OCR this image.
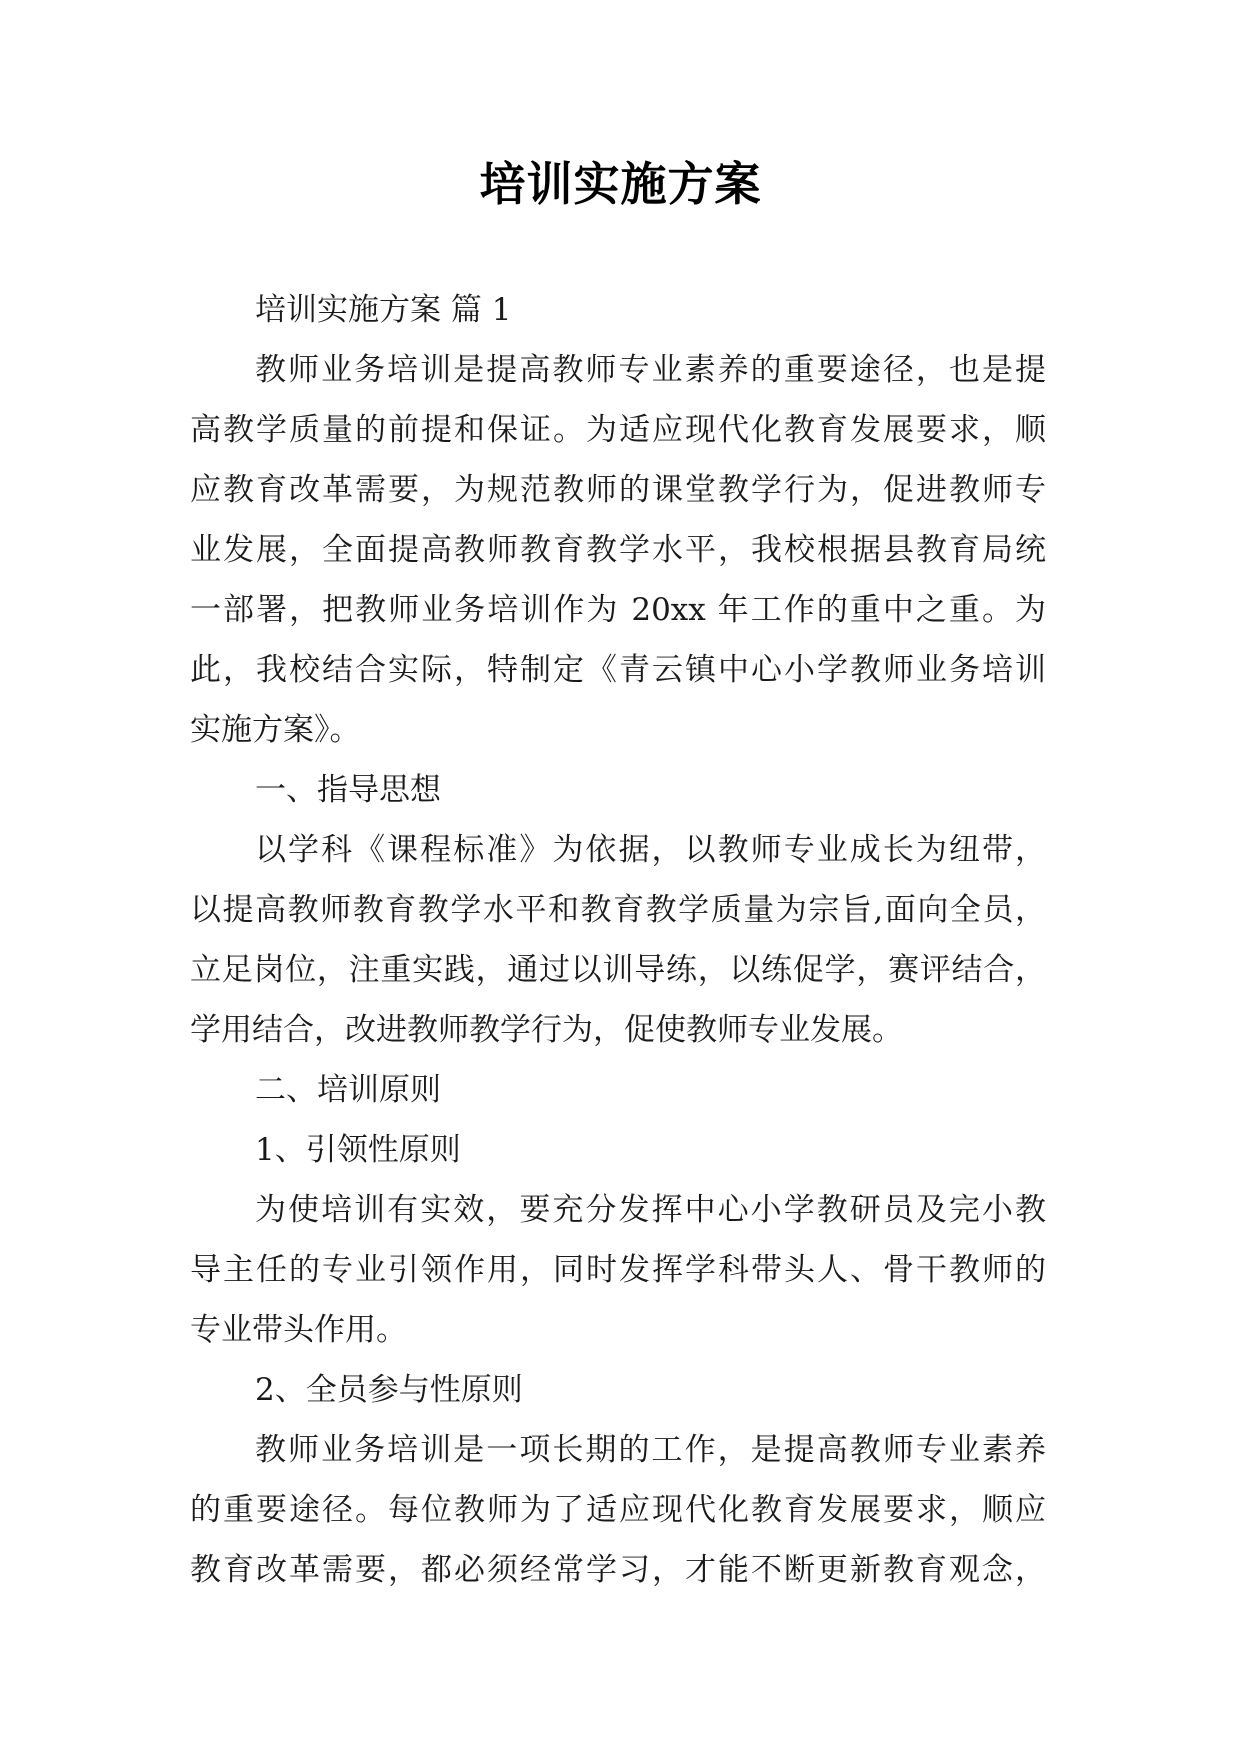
培训实施方案
培训实施方案 篇 1
教师业务培训是提高教师专业素养的重要途径，也是提
高教学质量的前提和保证。为适应现代化教育发展要求，顺
应教育改革需要，为规范教师的课堂教学行为，促进教师专
业发展，全面提高教师教育教学水平，我校根据县教育局统
一部署，把教师业务培训作为 20xx 年工作的重中之重。为
此，我校结合实际，特制定《青云镇中心小学教师业务培训
实施方案》。
一、指导思想
以学科《课程标准》为依据，以教师专业成长为纽带，
以提高教师教育教学水平和教育教学质量为宗旨,面向全员，
立足岗位，注重实践，通过以训导练，以练促学，赛评结合，
学用结合，改进教师教学行为，促使教师专业发展。
二、培训原则
1、引领性原则
为使培训有实效，要充分发挥中心小学教研员及完小教
导主任的专业引领作用，同时发挥学科带头人、骨干教师的
专业带头作用。
2、全员参与性原则
教师业务培训是一项长期的工作，是提高教师专业素养
的重要途径。每位教师为了适应现代化教育发展要求，顺应
教育改革需要，都必须经常学习，才能不断更新教育观念，
